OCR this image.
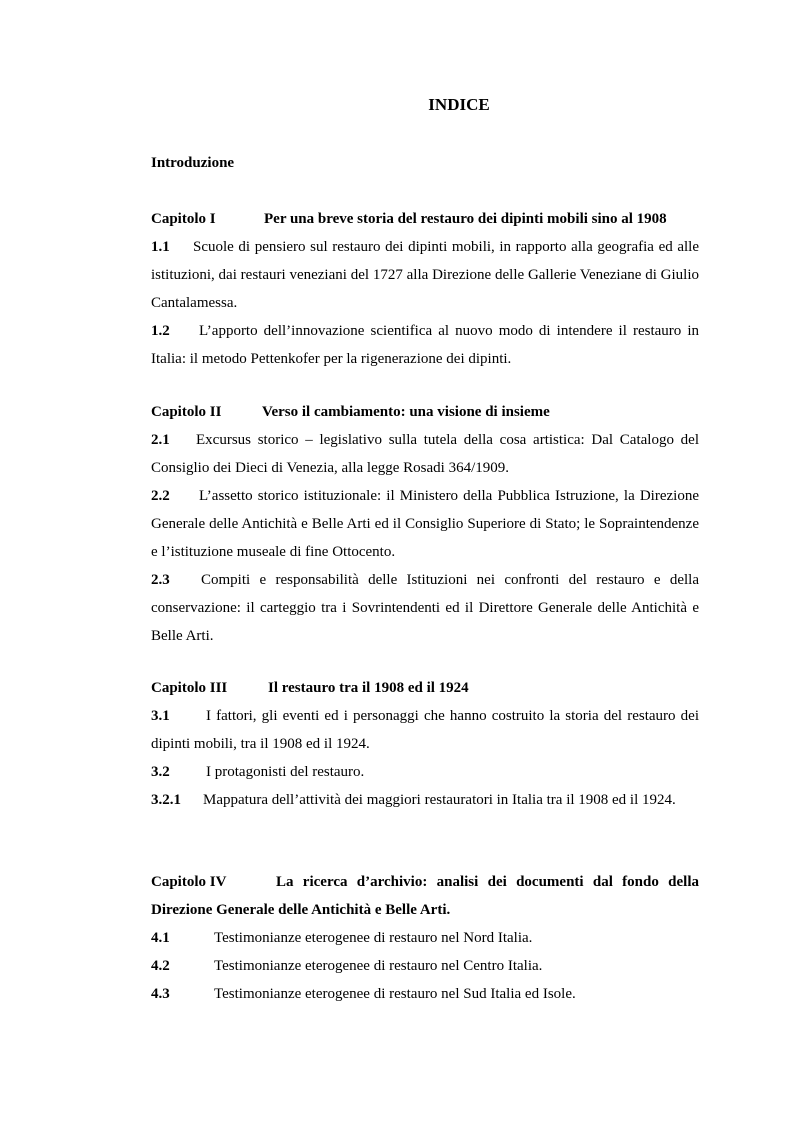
INDICE

Introduzione

Capitolo I	Per una breve storia del restauro dei dipinti mobili sino al 1908

1.1 Scuole di pensiero sul restauro dei dipinti mobili, in rapporto alla geografia ed alle istituzioni, dai restauri veneziani del 1727 alla Direzione delle Gallerie Veneziane di Giulio Cantalamessa.

1.2 L’apporto dell’innovazione scientifica al nuovo modo di intendere il restauro in Italia: il metodo Pettenkofer per la rigenerazione dei dipinti.

Capitolo II	Verso il cambiamento: una visione di insieme

2.1 Excursus storico – legislativo sulla tutela della cosa artistica: Dal Catalogo del Consiglio dei Dieci di Venezia, alla legge Rosadi 364/1909.

2.2 L’assetto storico istituzionale: il Ministero della Pubblica Istruzione, la Direzione Generale delle Antichità e Belle Arti ed il Consiglio Superiore di Stato; le Sopraintendenze e l’istituzione museale di fine Ottocento.

2.3 Compiti e responsabilità delle Istituzioni nei confronti del restauro e della conservazione: il carteggio tra i Sovrintendenti ed il Direttore Generale delle Antichità e Belle Arti.

Capitolo III	Il restauro tra il 1908 ed il 1924

3.1 I fattori, gli eventi ed i personaggi che hanno costruito la storia del restauro dei dipinti mobili, tra il 1908 ed il 1924.

3.2 I protagonisti del restauro.

3.2.1 Mappatura dell’attività dei maggiori restauratori in Italia tra il 1908 ed il 1924.

Capitolo IV	La ricerca d’archivio: analisi dei documenti dal fondo della Direzione Generale delle Antichità e Belle Arti.

4.1	Testimonianze eterogenee di restauro nel Nord Italia.

4.2	Testimonianze eterogenee di restauro nel Centro Italia.

4.3	Testimonianze eterogenee di restauro nel Sud Italia ed Isole.
